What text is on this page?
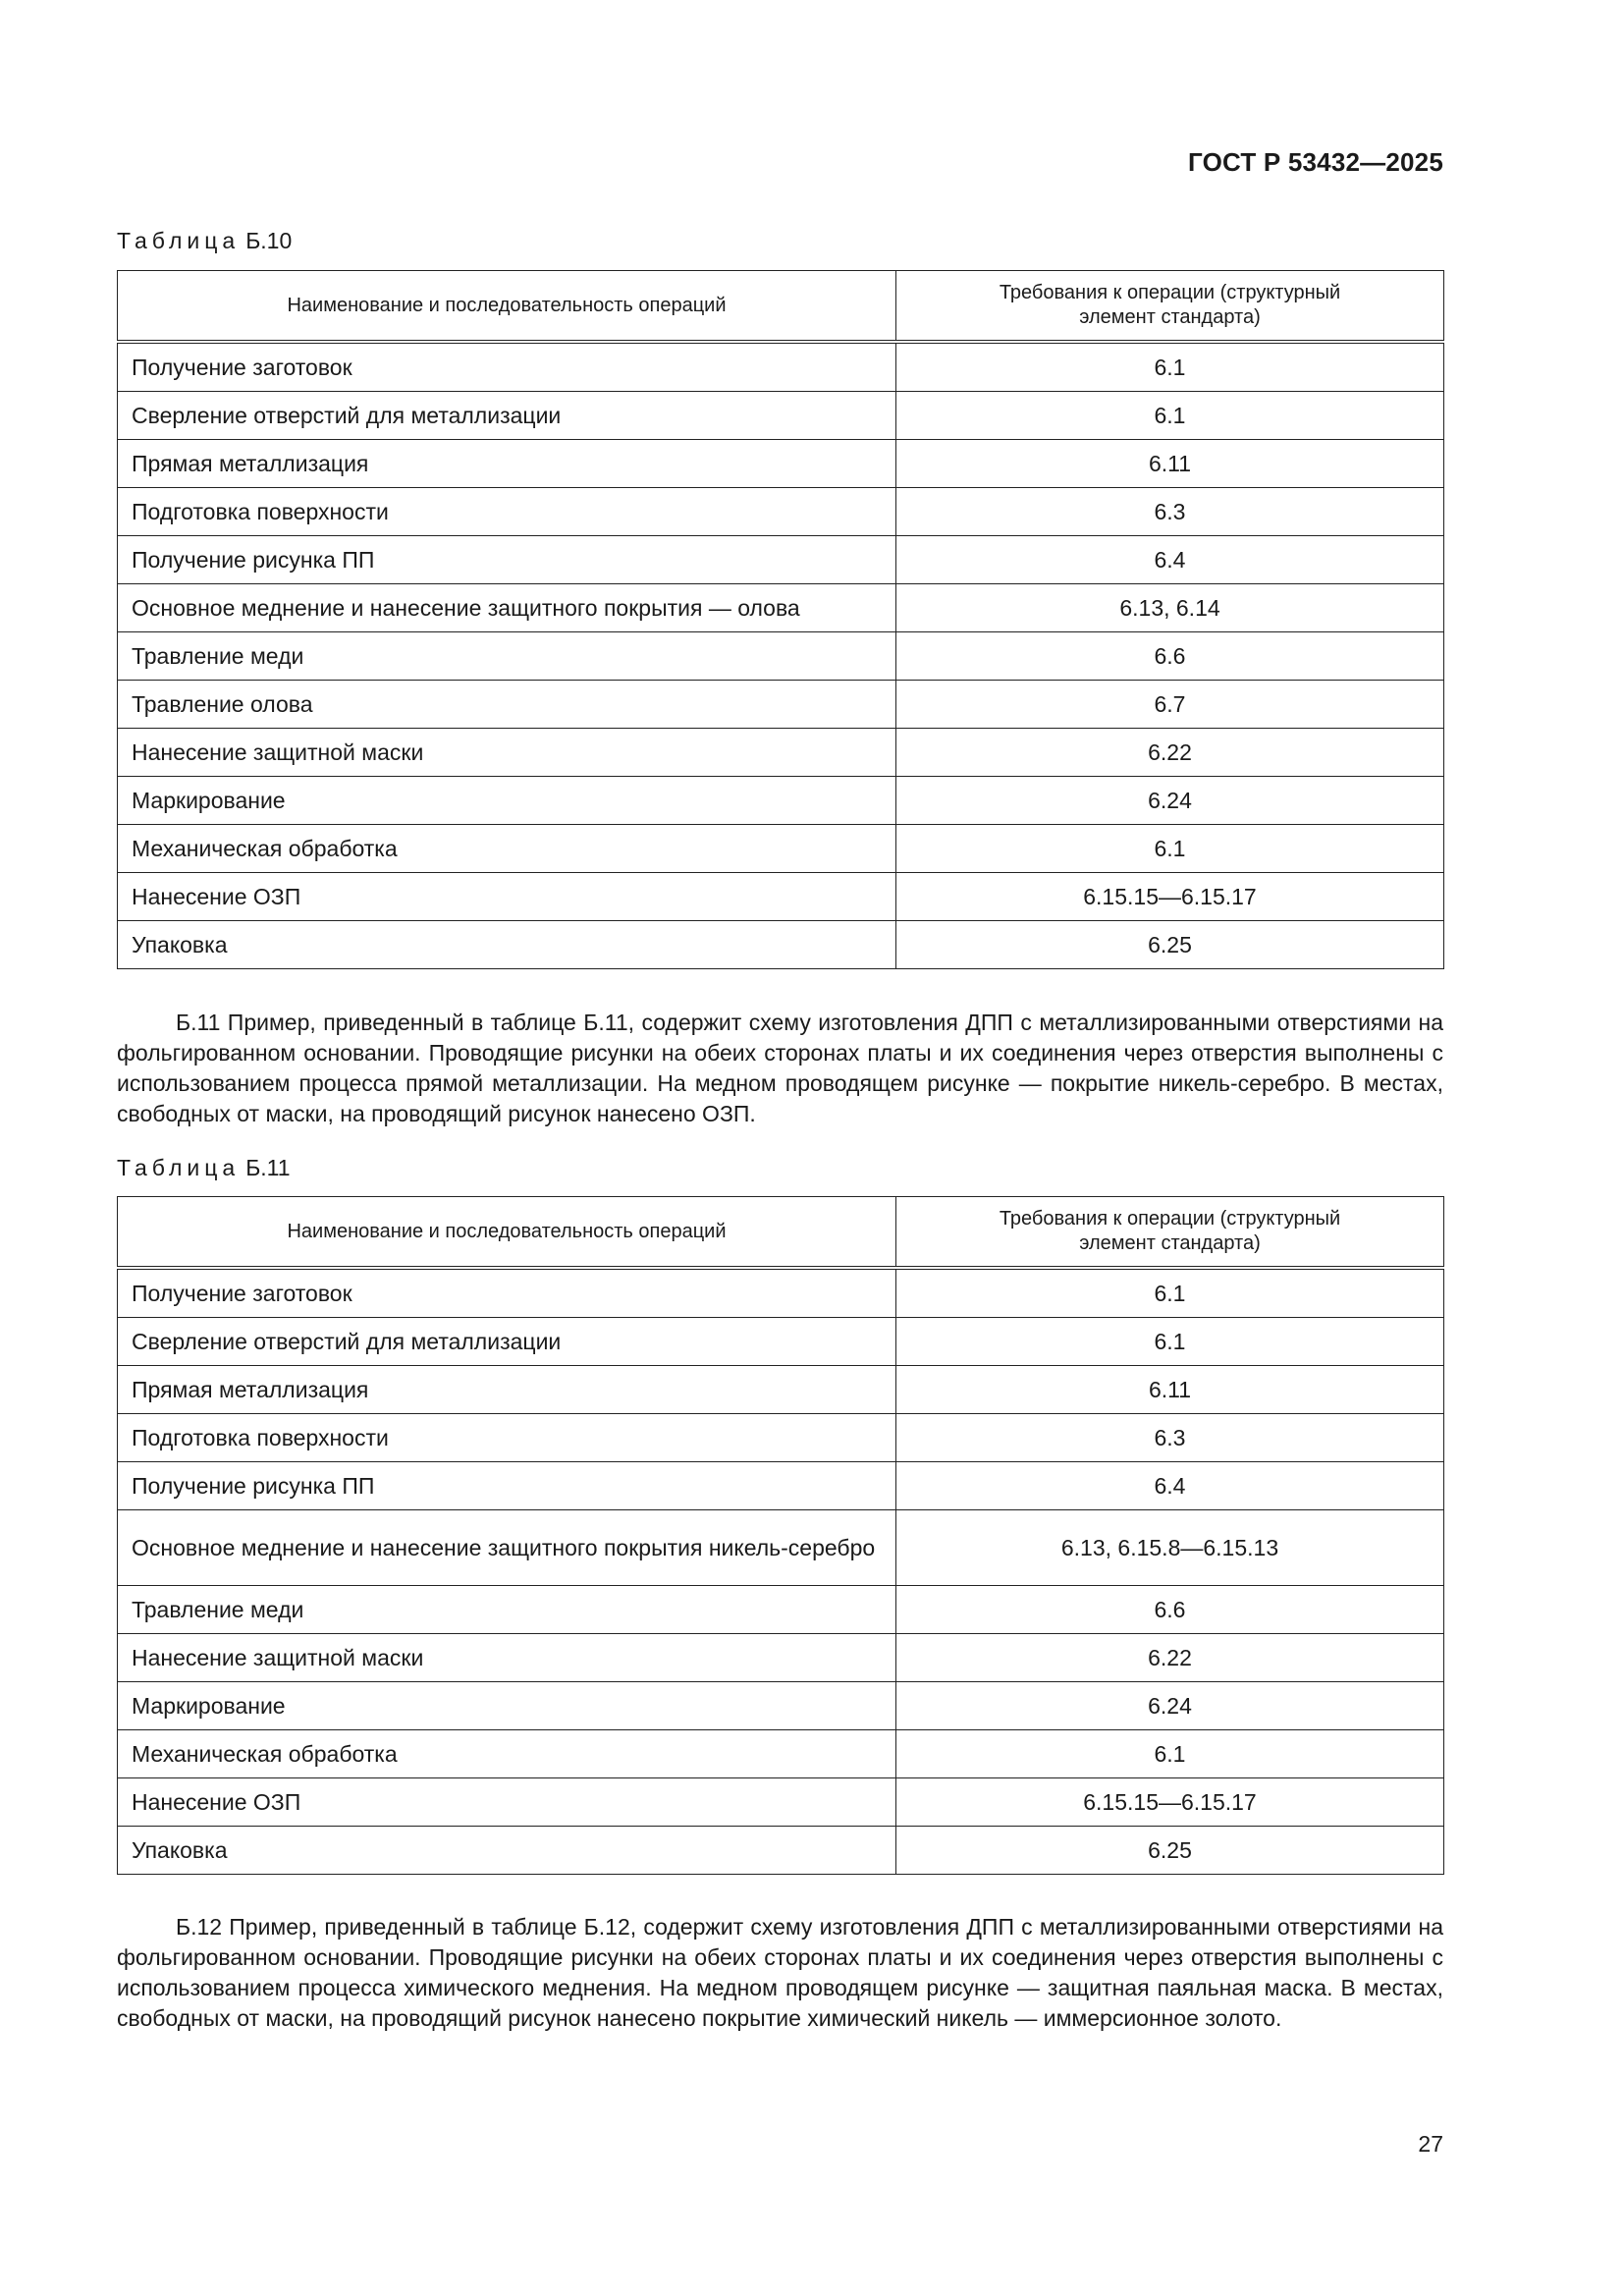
ГОСТ Р 53432—2025
Таблица Б.10
Наименование и последовательность операций	Требования к операции (структурный элемент стандарта)
Получение заготовок	6.1
Сверление отверстий для металлизации	6.1
Прямая металлизация	6.11
Подготовка поверхности	6.3
Получение рисунка ПП	6.4
Основное меднение и нанесение защитного покрытия — олова	6.13, 6.14
Травление меди	6.6
Травление олова	6.7
Нанесение защитной маски	6.22
Маркирование	6.24
Механическая обработка	6.1
Нанесение ОЗП	6.15.15—6.15.17
Упаковка	6.25

Б.11 Пример, приведенный в таблице Б.11, содержит схему изготовления ДПП с металлизированными отверстиями на фольгированном основании. Проводящие рисунки на обеих сторонах платы и их соединения через отверстия выполнены с использованием процесса прямой металлизации. На медном проводящем рисунке — покрытие никель-серебро. В местах, свободных от маски, на проводящий рисунок нанесено ОЗП.

Таблица Б.11
Наименование и последовательность операций	Требования к операции (структурный элемент стандарта)
Получение заготовок	6.1
Сверление отверстий для металлизации	6.1
Прямая металлизация	6.11
Подготовка поверхности	6.3
Получение рисунка ПП	6.4
Основное меднение и нанесение защитного покрытия никель-серебро	6.13, 6.15.8—6.15.13
Травление меди	6.6
Нанесение защитной маски	6.22
Маркирование	6.24
Механическая обработка	6.1
Нанесение ОЗП	6.15.15—6.15.17
Упаковка	6.25

Б.12 Пример, приведенный в таблице Б.12, содержит схему изготовления ДПП с металлизированными отверстиями на фольгированном основании. Проводящие рисунки на обеих сторонах платы и их соединения через отверстия выполнены с использованием процесса химического меднения. На медном проводящем рисунке — защитная паяльная маска. В местах, свободных от маски, на проводящий рисунок нанесено покрытие химический никель — иммерсионное золото.

27
